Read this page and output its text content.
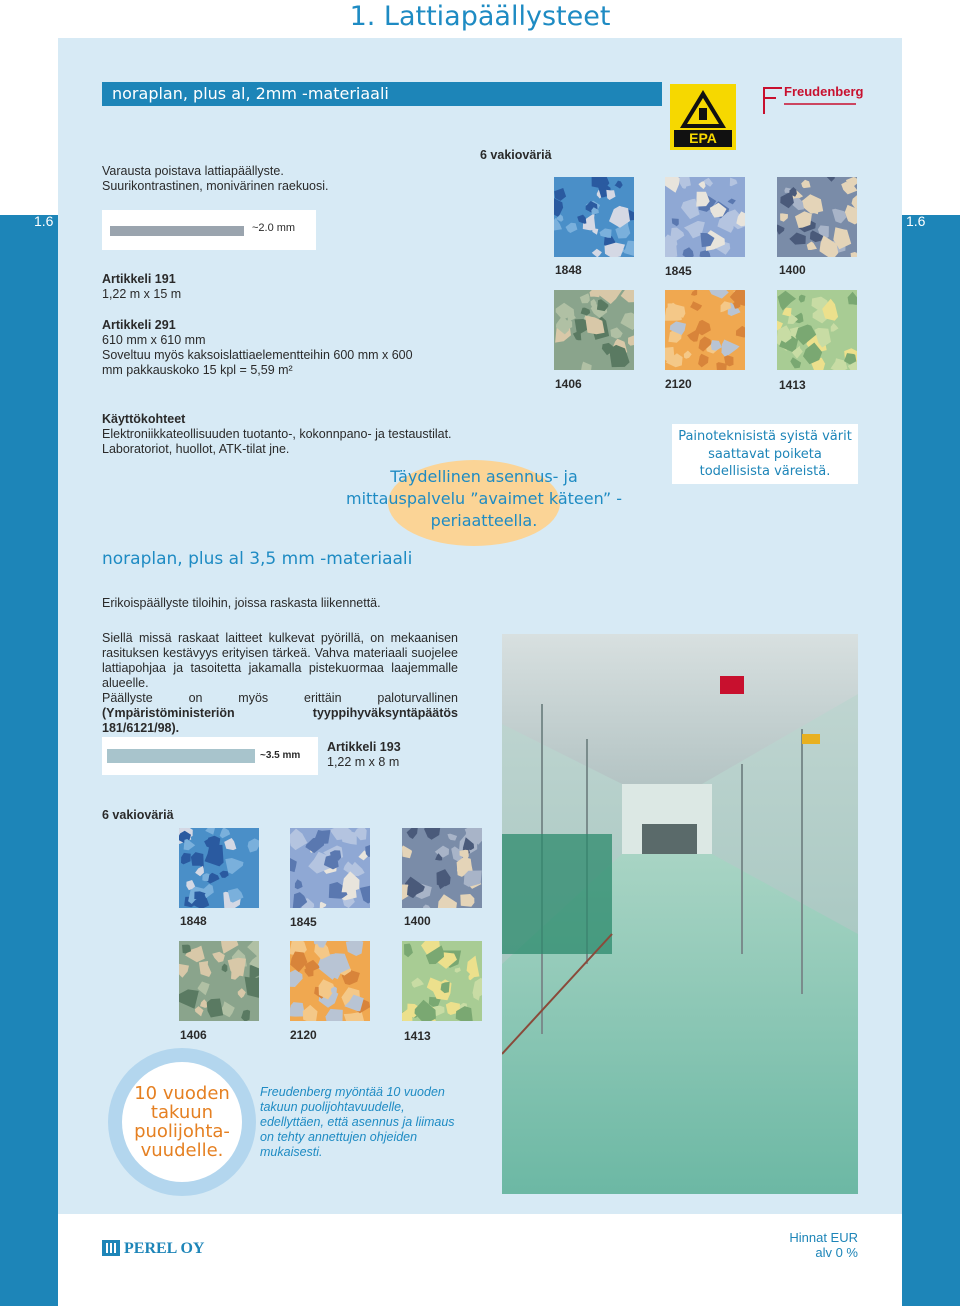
1. Lattiapäällysteet
1.6	1.6
noraplan, plus al, 2mm -materiaali
EPA
Freudenberg
6 vakioväriä
Varausta poistava lattiapäällyste.
Suurikontrastinen, monivärinen raekuosi.
~2.0 mm
Artikkeli 191
1,22 m x 15 m
Artikkeli 291
610 mm x 610 mm
Soveltuu myös kaksoislattiaelementteihin 600 mm x 600
mm pakkauskoko 15 kpl = 5,59 m²
Käyttökohteet
Elektroniikkateollisuuden tuotanto-, kokonnpano- ja testaustilat.
Laboratoriot, huollot, ATK-tilat jne.
1848	1845	1400
1406	2120	1413
Painoteknisistä syistä värit saattavat poiketa todellisista väreistä.
Täydellinen asennus- ja mittauspalvelu ”avaimet käteen” -periaatteella.
noraplan, plus al 3,5 mm -materiaali
Erikoispäällyste tiloihin, joissa raskasta liikennettä.
Siellä missä raskaat laitteet kulkevat pyörillä, on mekaanisen rasituksen kestävyys erityisen tärkeä. Vahva materiaali suojelee lattiapohjaa ja tasoitetta jakamalla pistekuormaa laajemmalle alueelle.
Päällyste on myös erittäin paloturvallinen (Ympäristöministeriön tyyppihyväksyntäpäätös 181/6121/98).
~3.5 mm
Artikkeli 193
1,22 m x 8 m
6 vakioväriä
1848	1845	1400
1406	2120	1413
10 vuoden
takuun
puolijohta-
vuudelle.
Freudenberg myöntää 10 vuoden takuun puolijohtavuudelle, edellyttäen, että asennus ja liimaus on tehty annettujen ohjeiden mukaisesti.
PEREL OY
Hinnat EUR
alv 0 %
